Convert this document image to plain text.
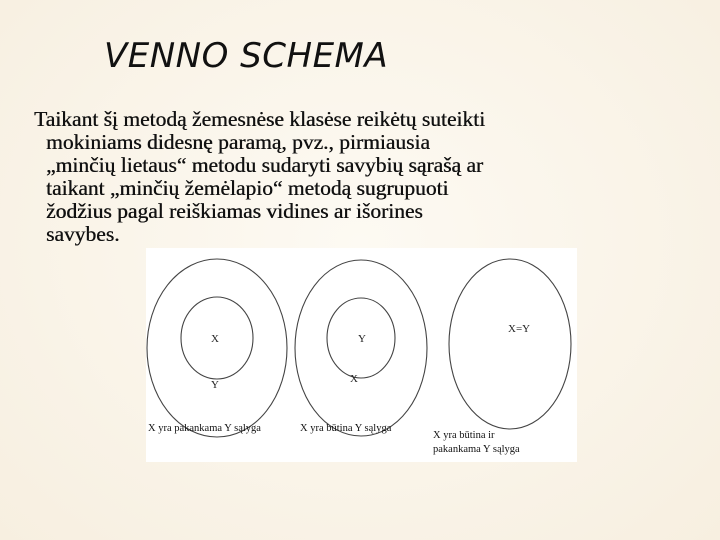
VENNO SCHEMA
Taikant šį metodą žemesnėse klasėse reikėtų suteikti
mokiniams didesnę paramą, pvz., pirmiausia
„minčių lietaus“ metodu sudaryti savybių sąrašą ar
taikant „minčių žemėlapio“ metodą sugrupuoti
žodžius pagal reiškiamas vidines ar išorines
savybes.
X
Y
X yra pakankama Y sąlyga
Y
X
X yra būtina Y sąlyga
X=Y
X yra būtina ir
pakankama Y sąlyga
